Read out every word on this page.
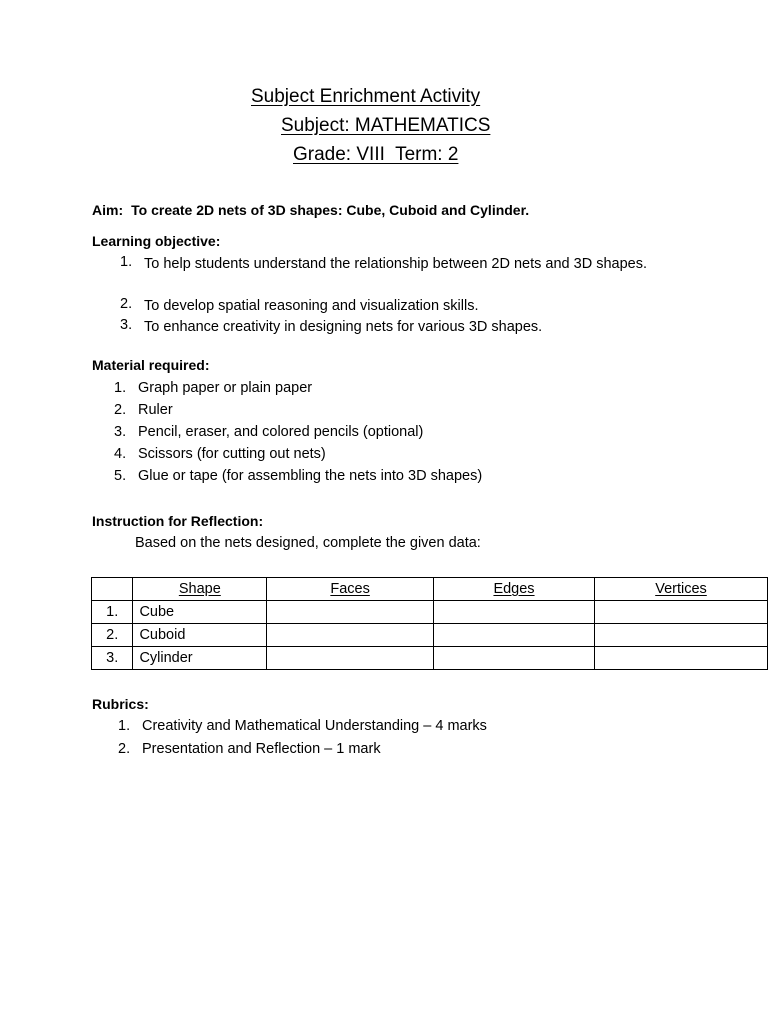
Subject Enrichment Activity
Subject: MATHEMATICS
Grade: VIII  Term: 2
Aim: To create 2D nets of 3D shapes: Cube, Cuboid and Cylinder.
Learning objective:
1. To help students understand the relationship between 2D nets and 3D shapes.
2. To develop spatial reasoning and visualization skills.
3. To enhance creativity in designing nets for various 3D shapes.
Material required:
1. Graph paper or plain paper
2. Ruler
3. Pencil, eraser, and colored pencils (optional)
4. Scissors (for cutting out nets)
5. Glue or tape (for assembling the nets into 3D shapes)
Instruction for Reflection:
Based on the nets designed, complete the given data:
	Shape	Faces	Edges	Vertices
1.	Cube			
2.	Cuboid			
3.	Cylinder			
Rubrics:
1. Creativity and Mathematical Understanding – 4 marks
2. Presentation and Reflection – 1 mark
